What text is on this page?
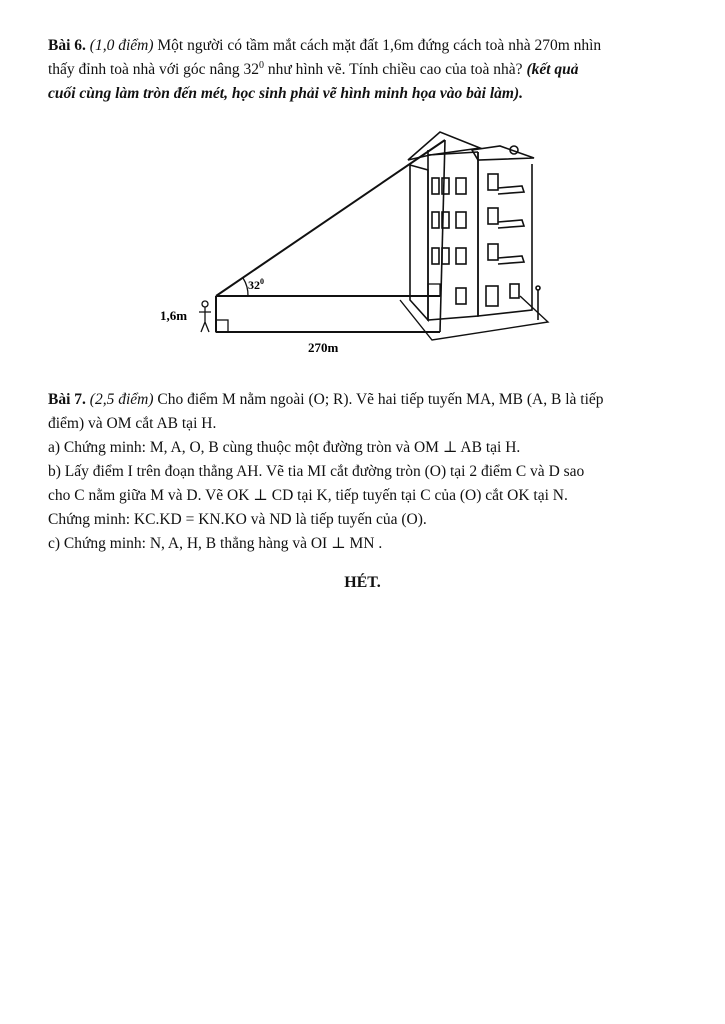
Bài 6. (1,0 điểm) Một người có tầm mắt cách mặt đất 1,6m đứng cách toà nhà 270m nhìn
thấy đỉnh toà nhà với góc nâng $32^0$ như hình vẽ. Tính chiều cao của toà nhà? (kết quả
cuối cùng làm tròn đến mét, học sinh phải vẽ hình minh họa vào bài làm).
$32^0$
1,6m
270m
Bài 7. (2,5 điểm) Cho điểm M nằm ngoài (O; R). Vẽ hai tiếp tuyến MA, MB (A, B là tiếp
điểm) và OM cắt AB tại H.
a) Chứng minh: M, A, O, B cùng thuộc một đường tròn và OM ⊥ AB tại H.
b) Lấy điểm I trên đoạn thẳng AH. Vẽ tia MI cắt đường tròn (O) tại 2 điểm C và D sao
cho C nằm giữa M và D. Vẽ OK ⊥ CD tại K, tiếp tuyến tại C của (O) cắt OK tại N.
Chứng minh: KC.KD = KN.KO và ND là tiếp tuyến của (O).
c) Chứng minh: N, A, H, B thẳng hàng và OI ⊥ MN .
HÉT.
